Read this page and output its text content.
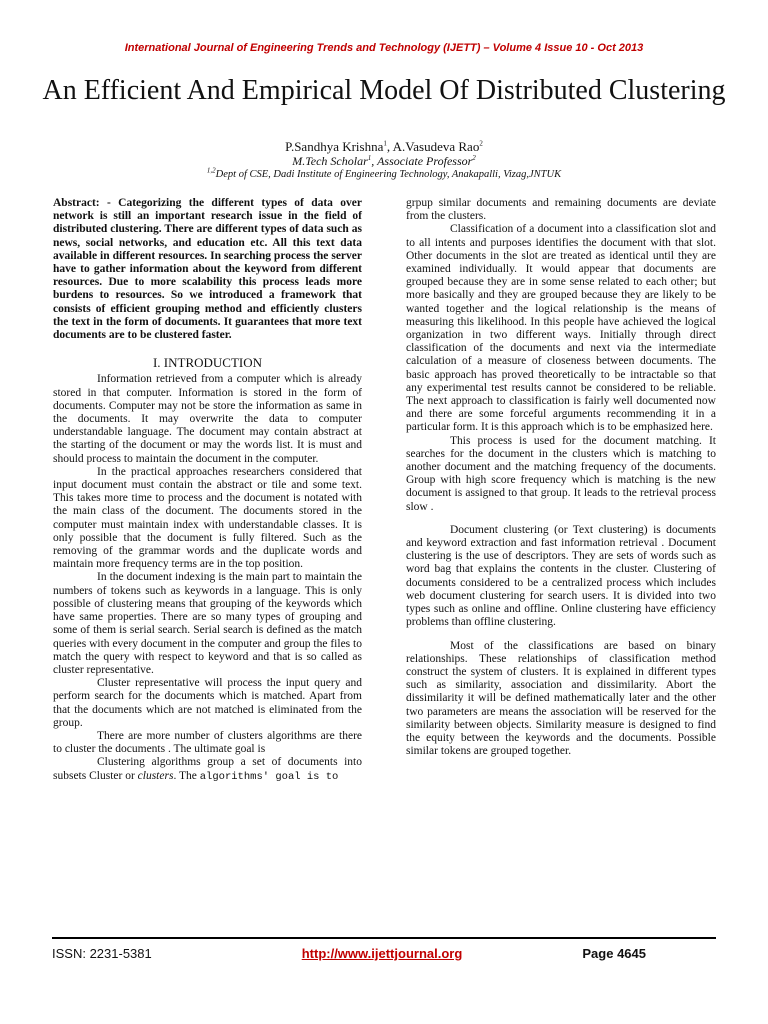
International Journal of Engineering Trends and Technology (IJETT) – Volume 4 Issue 10 - Oct 2013
An Efficient And Empirical Model Of Distributed Clustering
P.Sandhya Krishna$^1$, A.Vasudeva Rao$^2$
M.Tech Scholar$^1$, Associate Professor$^2$
$^{1,2}$Dept of CSE, Dadi Institute of Engineering Technology, Anakapalli, Vizag,JNTUK

Abstract: - Categorizing the different types of data over network is still an important research issue in the field of distributed clustering. There are different types of data such as news, social networks, and education etc. All this text data available in different resources. In searching process the server have to gather information about the keyword from different resources. Due to more scalability this process leads more burdens to resources. So we introduced a framework that consists of efficient grouping method and efficiently clusters the text in the form of documents. It guarantees that more text documents are to be clustered faster.

I. INTRODUCTION

Information retrieved from a computer which is already stored in that computer. Information is stored in the form of documents. Computer may not be store the information as same in the documents. It may overwrite the data to computer understandable language. The document may contain abstract at the starting of the document or may the words list. It is must and should process to maintain the document in the computer.

In the practical approaches researchers considered that input document must contain the abstract or tile and some text. This takes more time to process and the document is notated with the main class of the document. The documents stored in the computer must maintain index with understandable classes. It is only possible that the document is fully filtered. Such as the removing of the grammar words and the duplicate words and maintain more frequency terms are in the top position.

In the document indexing is the main part to maintain the numbers of tokens such as keywords in a language. This is only possible of clustering means that grouping of the keywords which have same properties. There are so many types of grouping and some of them is serial search. Serial search is defined as the match queries with every document in the computer and group the files to match the query with respect to keyword and that is so called as cluster representative.

Cluster representative will process the input query and perform search for the documents which is matched. Apart from that the documents which are not matched is eliminated from the group.

There are more number of clusters algorithms are there to cluster the documents . The ultimate goal is

Clustering algorithms group a set of documents into subsets Cluster or clusters. The algorithms' goal is to

grpup similar documents and remaining documents are deviate from the clusters.

Classification of a document into a classification slot and to all intents and purposes identifies the document with that slot. Other documents in the slot are treated as identical until they are examined individually. It would appear that documents are grouped because they are in some sense related to each other; but more basically and they are grouped because they are likely to be wanted together and the logical relationship is the means of measuring this likelihood. In this people have achieved the logical organization in two different ways. Initially through direct classification of the documents and next via the intermediate calculation of a measure of closeness between documents. The basic approach has proved theoretically to be intractable so that any experimental test results cannot be considered to be reliable. The next approach to classification is fairly well documented now and there are some forceful arguments recommending it in a particular form. It is this approach which is to be emphasized here.

This process is used for the document matching. It searches for the document in the clusters which is matching to another document and the matching frequency of the documents. Group with high score frequency which is matching is the new document is assigned to that group. It leads to the retrieval process slow .

Document clustering (or Text clustering) is documents and keyword extraction and fast information retrieval . Document clustering is the use of descriptors. They are sets of words such as word bag that explains the contents in the cluster. Clustering of documents considered to be a centralized process which includes web document clustering for search users. It is divided into two types such as online and offline. Online clustering have efficiency problems than offline clustering.

Most of the classifications are based on binary relationships. These relationships of classification method construct the system of clusters. It is explained in different types such as similarity, association and dissimilarity. Abort the dissimilarity it will be defined mathematically later and the other two parameters are means the association will be reserved for the similarity between objects. Similarity measure is designed to find the equity between the keywords and the documents. Possible similar tokens are grouped together.

ISSN: 2231-5381	http://www.ijettjournal.org	Page 4645
